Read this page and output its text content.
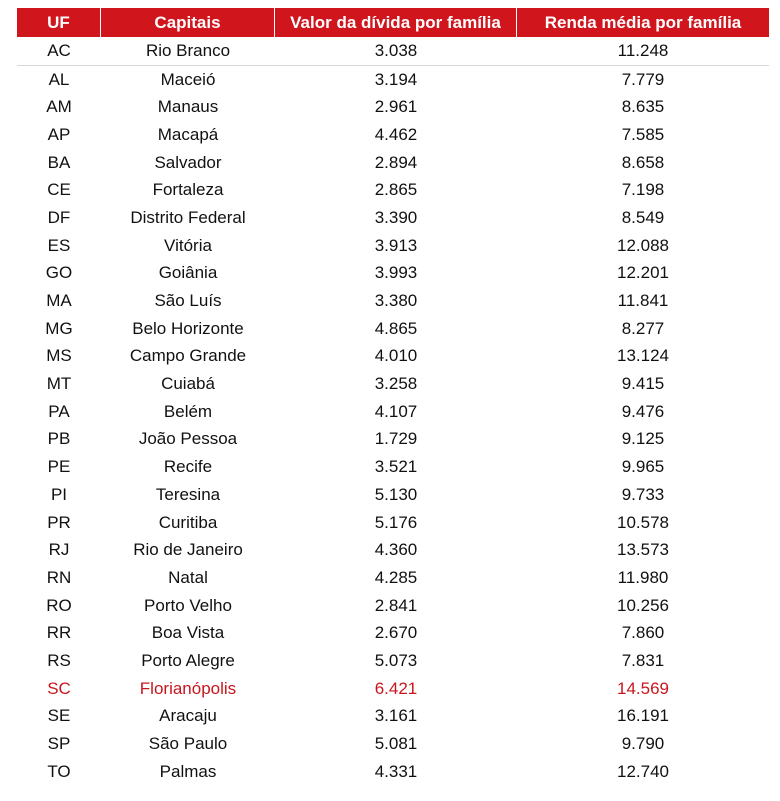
UF	Capitais	Valor da dívida por família	Renda média por família
AC	Rio Branco	3.038	11.248
AL	Maceió	3.194	7.779
AM	Manaus	2.961	8.635
AP	Macapá	4.462	7.585
BA	Salvador	2.894	8.658
CE	Fortaleza	2.865	7.198
DF	Distrito Federal	3.390	8.549
ES	Vitória	3.913	12.088
GO	Goiânia	3.993	12.201
MA	São Luís	3.380	11.841
MG	Belo Horizonte	4.865	8.277
MS	Campo Grande	4.010	13.124
MT	Cuiabá	3.258	9.415
PA	Belém	4.107	9.476
PB	João Pessoa	1.729	9.125
PE	Recife	3.521	9.965
PI	Teresina	5.130	9.733
PR	Curitiba	5.176	10.578
RJ	Rio de Janeiro	4.360	13.573
RN	Natal	4.285	11.980
RO	Porto Velho	2.841	10.256
RR	Boa Vista	2.670	7.860
RS	Porto Alegre	5.073	7.831
SC	Florianópolis	6.421	14.569
SE	Aracaju	3.161	16.191
SP	São Paulo	5.081	9.790
TO	Palmas	4.331	12.740
